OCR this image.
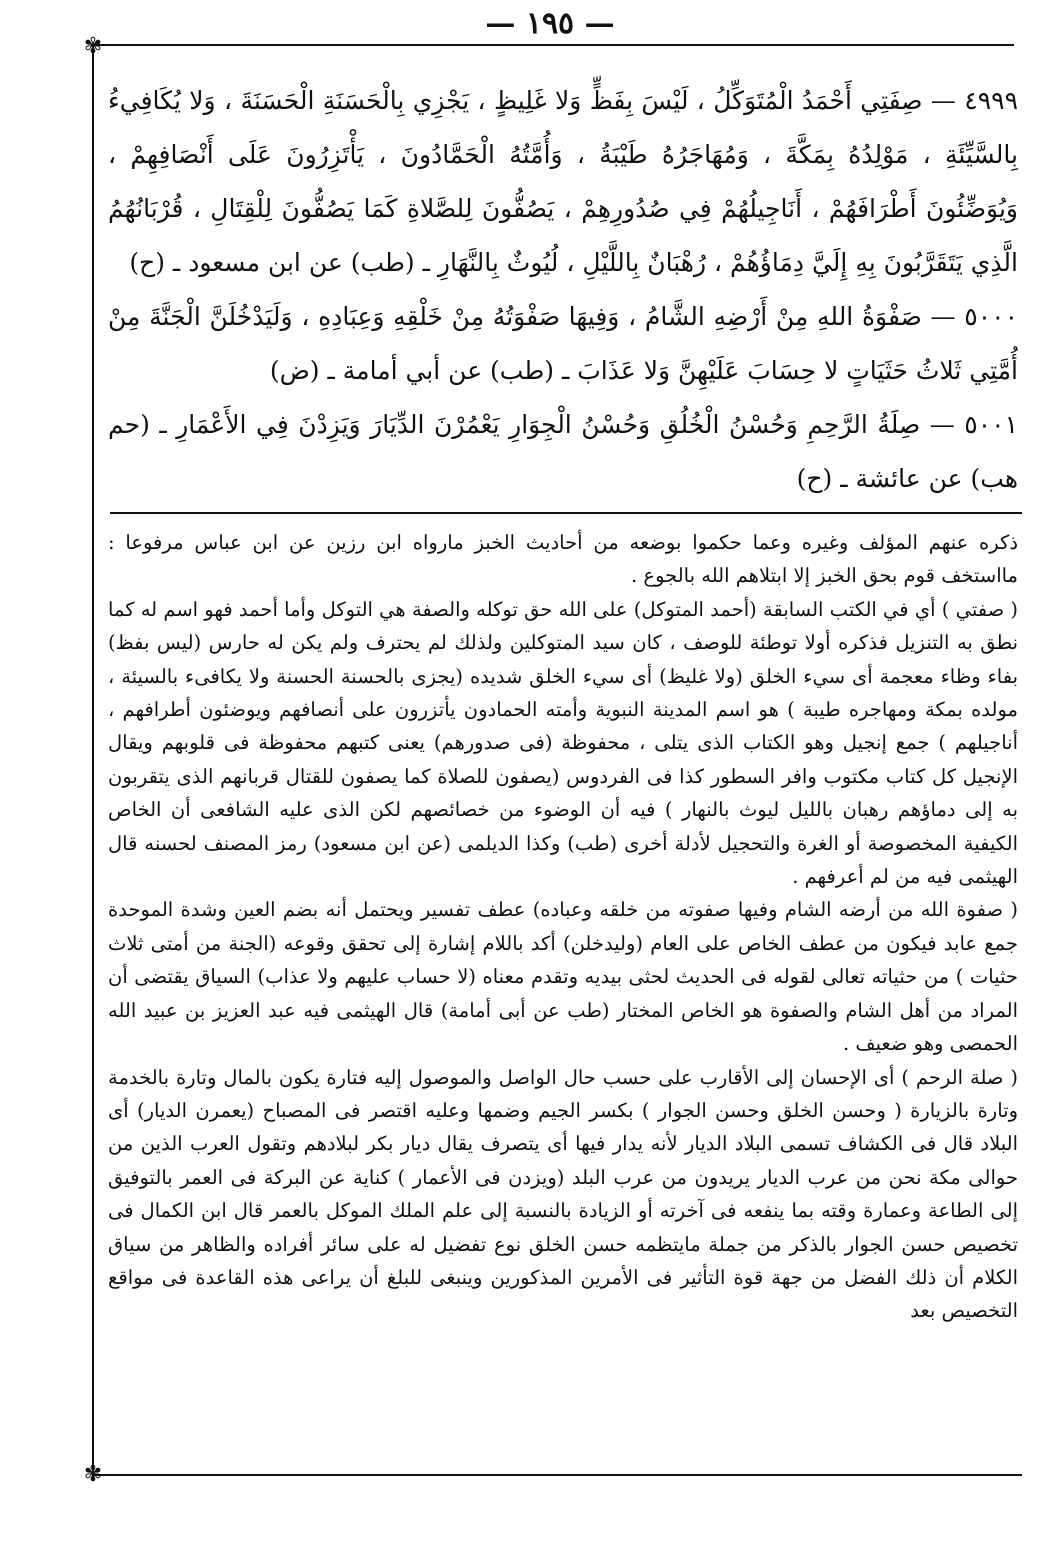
— ١٩٥ —
✾

٤٩٩٩ — صِفَتِي أَحْمَدُ الْمُتَوَكِّلُ ، لَيْسَ بِفَظٍّ وَلا غَلِيظٍ ، يَجْزِي بِالْحَسَنَةِ الْحَسَنَةَ ، وَلا يُكَافِيءُ بِالسَّيِّئَةِ ، مَوْلِدُهُ بِمَكَّةَ ، وَمُهَاجَرُهُ طَيْبَةُ ، وَأُمَّتُهُ الْحَمَّادُونَ ، يَأْتَزِرُونَ عَلَى أَنْصَافِهِمْ ، وَيُوَضِّئُونَ أَطْرَافَهُمْ ، أَنَاجِيلُهُمْ فِي صُدُورِهِمْ ، يَصُفُّونَ لِلصَّلاةِ كَمَا يَصُفُّونَ لِلْقِتَالِ ، قُرْبَانُهُمُ الَّذِي يَتَقَرَّبُونَ بِهِ إِلَيَّ دِمَاؤُهُمْ ، رُهْبَانٌ بِاللَّيْلِ ، لُيُوثٌ بِالنَّهَارِ ـ (طب) عن ابن مسعود ـ (ح)

٥٠٠٠ — صَفْوَةُ اللهِ مِنْ أَرْضِهِ الشَّامُ ، وَفِيهَا صَفْوَتُهُ مِنْ خَلْقِهِ وَعِبَادِهِ ، وَلَيَدْخُلَنَّ الْجَنَّةَ مِنْ أُمَّتِي ثَلاثُ حَثَيَاتٍ لا حِسَابَ عَلَيْهِنَّ وَلا عَذَابَ ـ (طب) عن أبي أمامة ـ (ض)

٥٠٠١ — صِلَةُ الرَّحِمِ وَحُسْنُ الْخُلُقِ وَحُسْنُ الْجِوَارِ يَعْمُرْنَ الدِّيَارَ وَيَزِدْنَ فِي الأَعْمَارِ ـ (حم هب) عن عائشة ـ (ح)

ذكره عنهم المؤلف وغيره وعما حكموا بوضعه من أحاديث الخبز مارواه ابن رزين عن ابن عباس مرفوعا : مااستخف قوم بحق الخبز إلا ابتلاهم الله بالجوع .

( صفتي ) أي في الكتب السابقة (أحمد المتوكل) على الله حق توكله والصفة هي التوكل وأما أحمد فهو اسم له كما نطق به التنزيل فذكره أولا توطئة للوصف ، كان سيد المتوكلين ولذلك لم يحترف ولم يكن له حارس (ليس بفظ) بفاء وظاء معجمة أى سيء الخلق (ولا غليظ) أى سيء الخلق شديده (يجزى بالحسنة الحسنة ولا يكافىء بالسيئة ، مولده بمكة ومهاجره طيبة ) هو اسم المدينة النبوية وأمته الحمادون يأتزرون على أنصافهم ويوضئون أطرافهم ، أناجيلهم ) جمع إنجيل وهو الكتاب الذى يتلى ، محفوظة (فى صدورهم) يعنى كتبهم محفوظة فى قلوبهم ويقال الإنجيل كل كتاب مكتوب وافر السطور كذا فى الفردوس (يصفون للصلاة كما يصفون للقتال قربانهم الذى يتقربون به إلى دماؤهم رهبان بالليل ليوث بالنهار ) فيه أن الوضوء من خصائصهم لكن الذى عليه الشافعى أن الخاص الكيفية المخصوصة أو الغرة والتحجيل لأدلة أخرى (طب) وكذا الديلمى (عن ابن مسعود) رمز المصنف لحسنه قال الهيثمى فيه من لم أعرفهم .

( صفوة الله من أرضه الشام وفيها صفوته من خلقه وعباده) عطف تفسير ويحتمل أنه بضم العين وشدة الموحدة جمع عابد فيكون من عطف الخاص على العام (وليدخلن) أكد باللام إشارة إلى تحقق وقوعه (الجنة من أمتى ثلاث حثيات ) من حثياته تعالى لقوله فى الحديث لحثى بيديه وتقدم معناه (لا حساب عليهم ولا عذاب) السياق يقتضى أن المراد من أهل الشام والصفوة هو الخاص المختار (طب عن أبى أمامة) قال الهيثمى فيه عبد العزيز بن عبيد الله الحمصى وهو ضعيف .

( صلة الرحم ) أى الإحسان إلى الأقارب على حسب حال الواصل والموصول إليه فتارة يكون بالمال وتارة بالخدمة وتارة بالزيارة ( وحسن الخلق وحسن الجوار ) بكسر الجيم وضمها وعليه اقتصر فى المصباح (يعمرن الديار) أى البلاد قال فى الكشاف تسمى البلاد الديار لأنه يدار فيها أى يتصرف يقال ديار بكر لبلادهم وتقول العرب الذين من حوالى مكة نحن من عرب الديار يريدون من عرب البلد (ويزدن فى الأعمار ) كناية عن البركة فى العمر بالتوفيق إلى الطاعة وعمارة وقته بما ينفعه فى آخرته أو الزيادة بالنسبة إلى علم الملك الموكل بالعمر قال ابن الكمال فى تخصيص حسن الجوار بالذكر من جملة مايتظمه حسن الخلق نوع تفضيل له على سائر أفراده والظاهر من سياق الكلام أن ذلك الفضل من جهة قوة التأثير فى الأمرين المذكورين وينبغى للبلغ أن يراعى هذه القاعدة فى مواقع التخصيص بعد

✾
